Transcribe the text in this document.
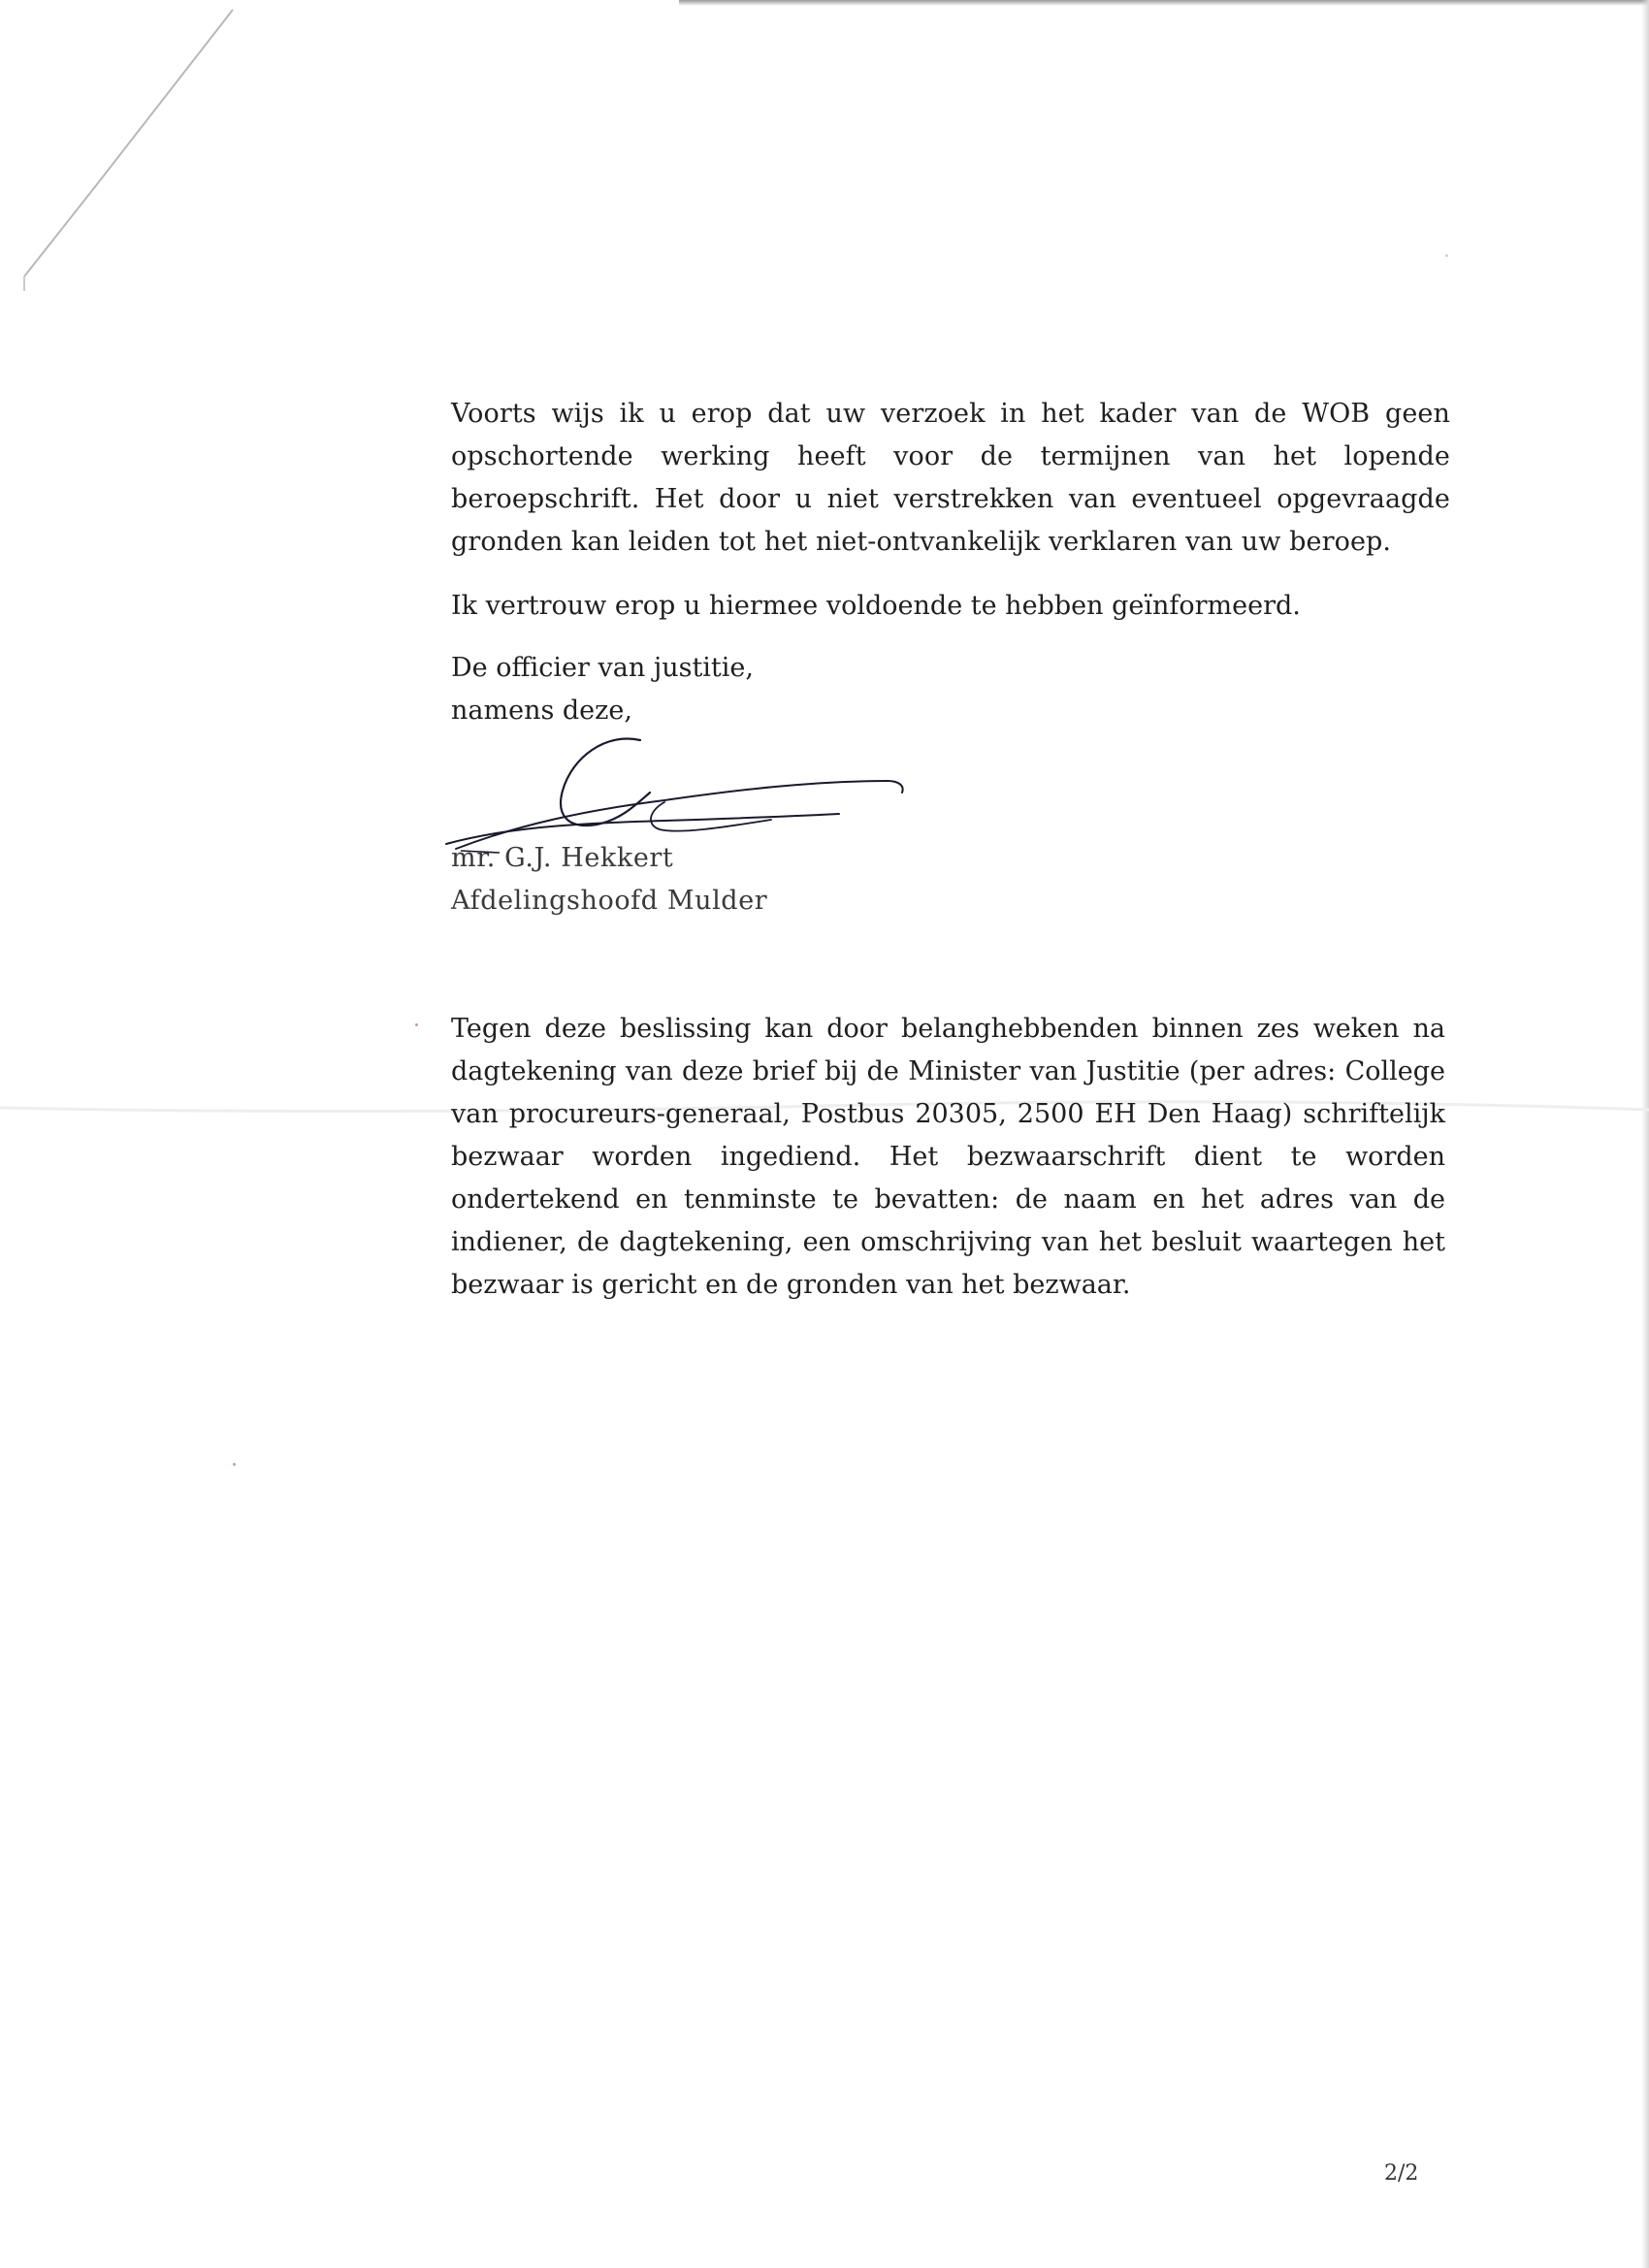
Voorts wijs ik u erop dat uw verzoek in het kader van de WOB geen opschortende werking heeft voor de termijnen van het lopende beroepschrift. Het door u niet verstrekken van eventueel opgevraagde gronden kan leiden tot het niet-ontvankelijk verklaren van uw beroep.

Ik vertrouw erop u hiermee voldoende te hebben geïnformeerd.

De officier van justitie,
namens deze,
mr. G.J. Hekkert
Afdelingshoofd Mulder

Tegen deze beslissing kan door belanghebbenden binnen zes weken na dagtekening van deze brief bij de Minister van Justitie (per adres: College van procureurs-generaal, Postbus 20305, 2500 EH Den Haag) schriftelijk bezwaar worden ingediend. Het bezwaarschrift dient te worden ondertekend en tenminste te bevatten: de naam en het adres van de indiener, de dagtekening, een omschrijving van het besluit waartegen het bezwaar is gericht en de gronden van het bezwaar.

2/2
